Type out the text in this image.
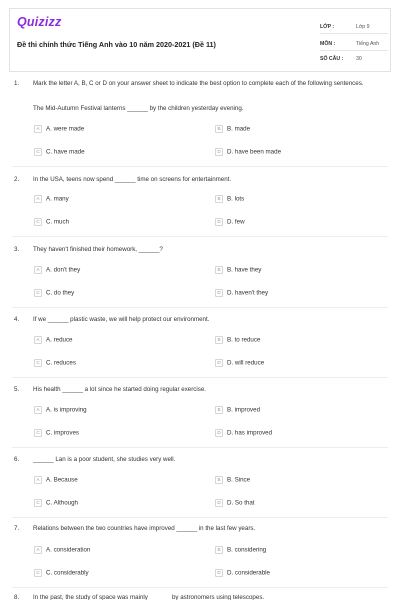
Quizizz
Đề thi chính thức Tiếng Anh vào 10 năm 2020-2021 (Đề 11)
LỚP :	Lớp 9
MÔN :	Tiếng Anh
SỐ CÂU : 30
1. Mark the letter A, B, C or D on your answer sheet to indicate the best option to complete each of the following sentences.
The Mid-Autumn Festival lanterns ______ by the children yesterday evening.
A A. were made	B B. made
C C. have made	D D. have been made
2. In the USA, teens now spend ______ time on screens for entertainment.
A A. many	B B. lots
C C. much	D D. few
3. They haven't finished their homework, ______?
A A. don't they	B B. have they
C C. do they	D D. haven't they
4. If we ______ plastic waste, we will help protect our environment.
A A. reduce	B B. to reduce
C C. reduces	D D. will reduce
5. His health ______ a lot since he started doing regular exercise.
A A. is improving	B B. improved
C C. improves	D D. has improved
6. ______ Lan is a poor student, she studies very well.
A A. Because	B B. Since
C C. Although	D D. So that
7. Relations between the two countries have improved ______ in the last few years.
A A. consideration	B B. considering
C C. considerably	D D. considerable
8. In the past, the study of space was mainly ______ by astronomers using telescopes.
